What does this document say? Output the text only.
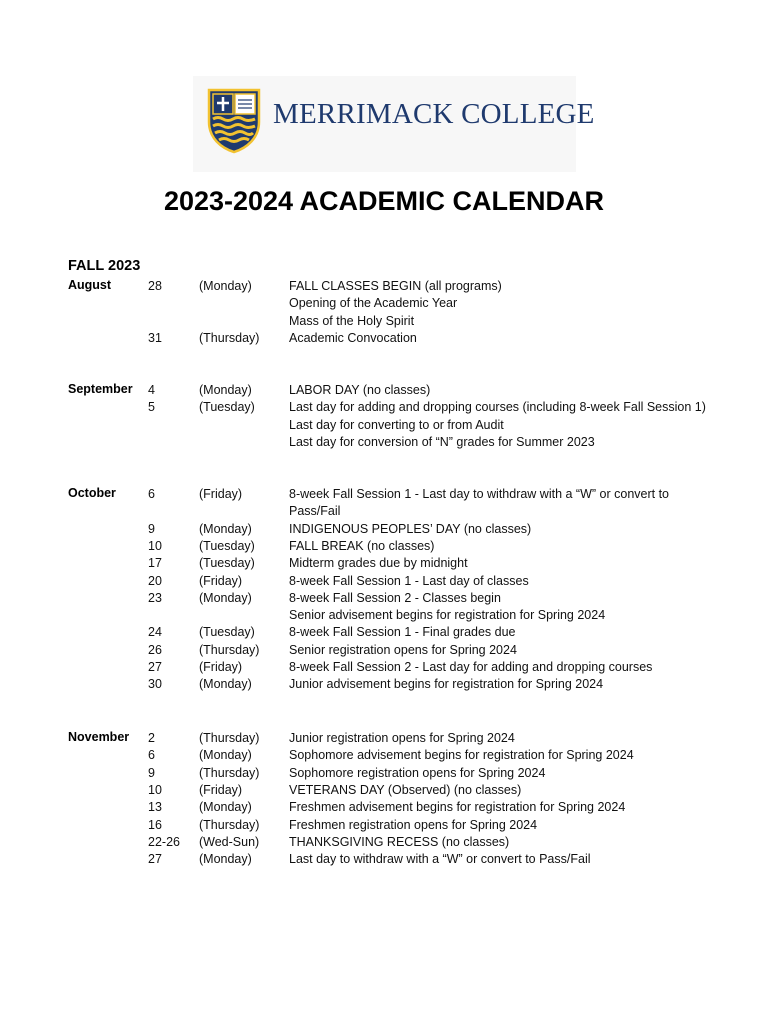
MERRIMACK COLLEGE
2023-2024 ACADEMIC CALENDAR
FALL 2023
August	28	(Monday)	FALL CLASSES BEGIN (all programs)
Opening of the Academic Year
Mass of the Holy Spirit
31	(Thursday) Academic Convocation
September 4	(Monday)	LABOR DAY (no classes)
5	(Tuesday)	Last day for adding and dropping courses (including 8-week Fall Session 1)
Last day for converting to or from Audit
Last day for conversion of “N” grades for Summer 2023
October	6	(Friday)	8-week Fall Session 1 - Last day to withdraw with a “W” or convert to
Pass/Fail
9	(Monday)	INDIGENOUS PEOPLES’ DAY (no classes)
10	(Tuesday)	FALL BREAK (no classes)
17	(Tuesday)	Midterm grades due by midnight
20	(Friday)	8-week Fall Session 1 - Last day of classes
23	(Monday)	8-week Fall Session 2 - Classes begin
Senior advisement begins for registration for Spring 2024
24	(Tuesday)	8-week Fall Session 1 - Final grades due
26	(Thursday) Senior registration opens for Spring 2024
27	(Friday)	8-week Fall Session 2 - Last day for adding and dropping courses
30	(Monday)	Junior advisement begins for registration for Spring 2024
November 2	(Thursday) Junior registration opens for Spring 2024
6	(Monday)	Sophomore advisement begins for registration for Spring 2024
9	(Thursday) Sophomore registration opens for Spring 2024
10	(Friday)	VETERANS DAY (Observed) (no classes)
13	(Monday)	Freshmen advisement begins for registration for Spring 2024
16	(Thursday) Freshmen registration opens for Spring 2024
22-26 (Wed-Sun) THANKSGIVING RECESS (no classes)
27	(Monday)	Last day to withdraw with a “W” or convert to Pass/Fail
